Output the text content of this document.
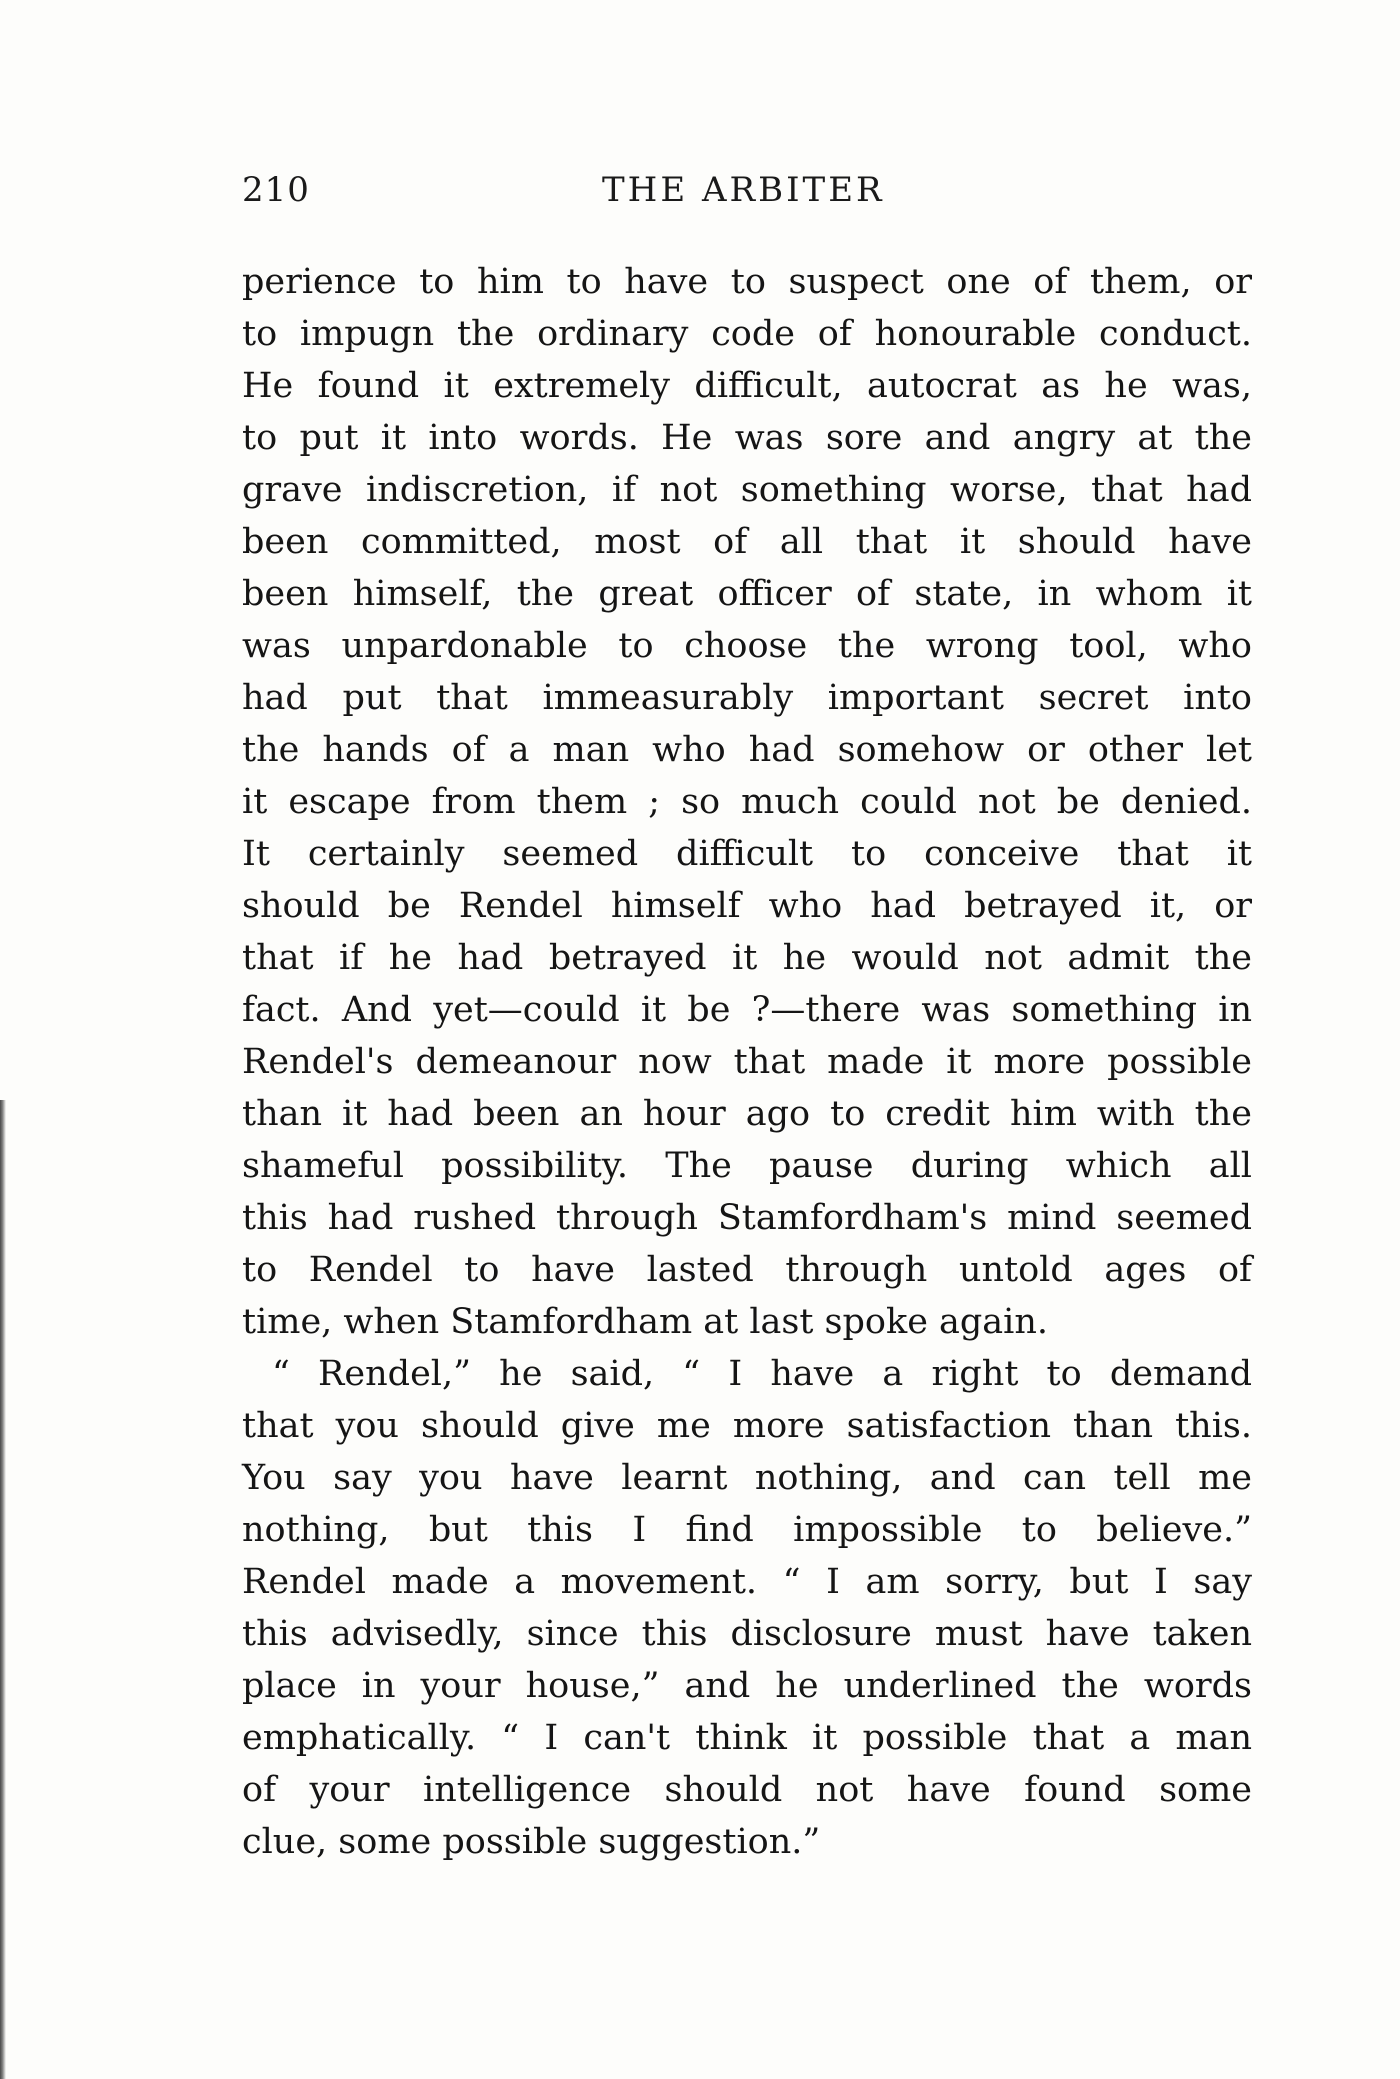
210	THE ARBITER
perience to him to have to suspect one of them, or
to impugn the ordinary code of honourable conduct.
He found it extremely difficult, autocrat as he was,
to put it into words. He was sore and angry at the
grave indiscretion, if not something worse, that had
been committed, most of all that it should have
been himself, the great officer of state, in whom it
was unpardonable to choose the wrong tool, who
had put that immeasurably important secret into
the hands of a man who had somehow or other let
it escape from them ; so much could not be denied.
It certainly seemed difficult to conceive that it
should be Rendel himself who had betrayed it, or
that if he had betrayed it he would not admit the
fact. And yet—could it be ?—there was something in
Rendel's demeanour now that made it more possible
than it had been an hour ago to credit him with the
shameful possibility. The pause during which all
this had rushed through Stamfordham's mind seemed
to Rendel to have lasted through untold ages of
time, when Stamfordham at last spoke again.
“ Rendel,” he said, “ I have a right to demand
that you should give me more satisfaction than this.
You say you have learnt nothing, and can tell me
nothing, but this I find impossible to believe.”
Rendel made a movement. “ I am sorry, but I say
this advisedly, since this disclosure must have taken
place in your house,” and he underlined the words
emphatically. “ I can't think it possible that a man
of your intelligence should not have found some
clue, some possible suggestion.”
